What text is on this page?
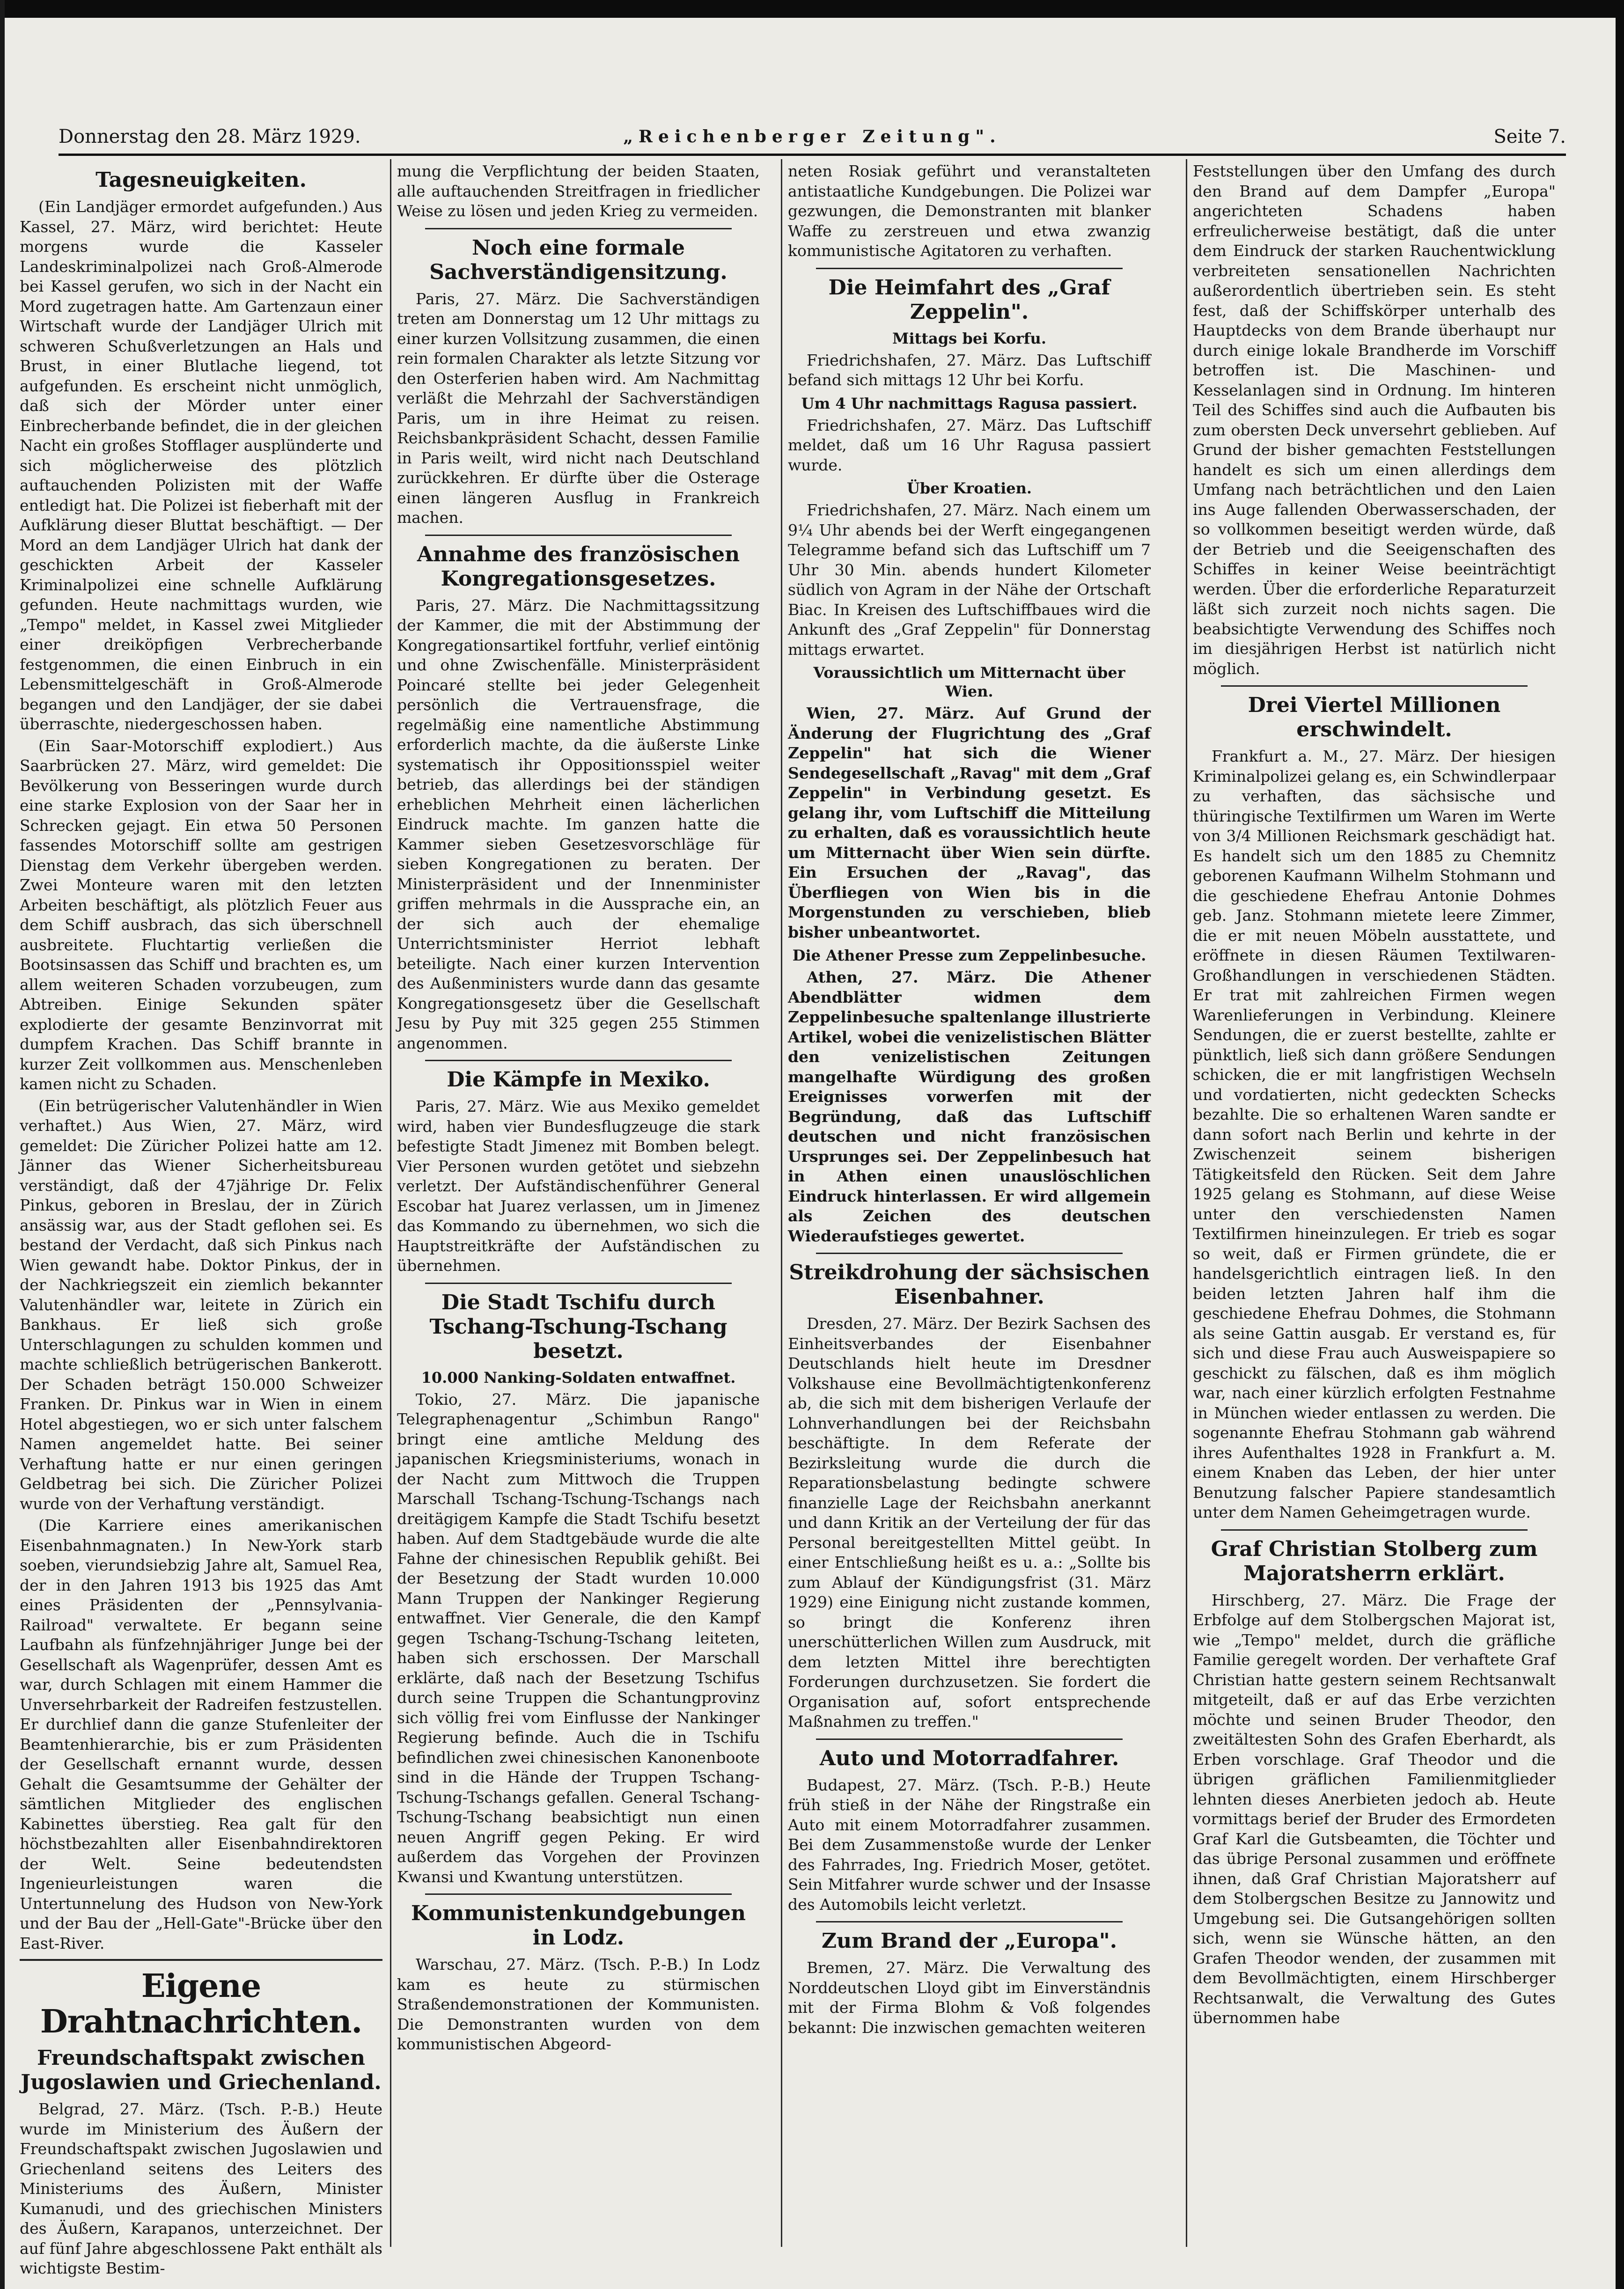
Donnerstag den 28. März 1929.	„Reichenberger Zeitung".	Seite 7.
Tagesneuigkeiten.

(Ein Landjäger ermordet aufgefunden.) Aus Kassel, 27. März, wird berichtet: Heute morgens wurde die Kasseler Landeskriminalpolizei nach Groß-Almerode bei Kassel gerufen, wo sich in der Nacht ein Mord zugetragen hatte. Am Gartenzaun einer Wirtschaft wurde der Landjäger Ulrich mit schweren Schußverletzungen an Hals und Brust, in einer Blutlache liegend, tot aufgefunden. Es erscheint nicht unmöglich, daß sich der Mörder unter einer Einbrecherbande befindet, die in der gleichen Nacht ein großes Stofflager ausplünderte und sich möglicherweise des plötzlich auftauchenden Polizisten mit der Waffe entledigt hat. Die Polizei ist fieberhaft mit der Aufklärung dieser Bluttat beschäftigt. — Der Mord an dem Landjäger Ulrich hat dank der geschickten Arbeit der Kasseler Kriminalpolizei eine schnelle Aufklärung gefunden. Heute nachmittags wurden, wie „Tempo" meldet, in Kassel zwei Mitglieder einer dreiköpfigen Verbrecherbande festgenommen, die einen Einbruch in ein Lebensmittelgeschäft in Groß-Almerode begangen und den Landjäger, der sie dabei überraschte, niedergeschossen haben.

(Ein Saar-Motorschiff explodiert.) Aus Saarbrücken 27. März, wird gemeldet: Die Bevölkerung von Besseringen wurde durch eine starke Explosion von der Saar her in Schrecken gejagt. Ein etwa 50 Personen fassendes Motorschiff sollte am gestrigen Dienstag dem Verkehr übergeben werden. Zwei Monteure waren mit den letzten Arbeiten beschäftigt, als plötzlich Feuer aus dem Schiff ausbrach, das sich überschnell ausbreitete. Fluchtartig verließen die Bootsinsassen das Schiff und brachten es, um allem weiteren Schaden vorzubeugen, zum Abtreiben. Einige Sekunden später explodierte der gesamte Benzinvorrat mit dumpfem Krachen. Das Schiff brannte in kurzer Zeit vollkommen aus. Menschenleben kamen nicht zu Schaden.

(Ein betrügerischer Valutenhändler in Wien verhaftet.) Aus Wien, 27. März, wird gemeldet: Die Züricher Polizei hatte am 12. Jänner das Wiener Sicherheitsbureau verständigt, daß der 47jährige Dr. Felix Pinkus, geboren in Breslau, der in Zürich ansässig war, aus der Stadt geflohen sei. Es bestand der Verdacht, daß sich Pinkus nach Wien gewandt habe. Doktor Pinkus, der in der Nachkriegszeit ein ziemlich bekannter Valutenhändler war, leitete in Zürich ein Bankhaus. Er ließ sich große Unterschlagungen zu schulden kommen und machte schließlich betrügerischen Bankerott. Der Schaden beträgt 150.000 Schweizer Franken. Dr. Pinkus war in Wien in einem Hotel abgestiegen, wo er sich unter falschem Namen angemeldet hatte. Bei seiner Verhaftung hatte er nur einen geringen Geldbetrag bei sich. Die Züricher Polizei wurde von der Verhaftung verständigt.

(Die Karriere eines amerikanischen Eisenbahnmagnaten.) In New-York starb soeben, vierundsiebzig Jahre alt, Samuel Rea, der in den Jahren 1913 bis 1925 das Amt eines Präsidenten der „Pennsylvania-Railroad" verwaltete. Er begann seine Laufbahn als fünfzehnjähriger Junge bei der Gesellschaft als Wagenprüfer, dessen Amt es war, durch Schlagen mit einem Hammer die Unversehrbarkeit der Radreifen festzustellen. Er durchlief dann die ganze Stufenleiter der Beamtenhierarchie, bis er zum Präsidenten der Gesellschaft ernannt wurde, dessen Gehalt die Gesamtsumme der Gehälter der sämtlichen Mitglieder des englischen Kabinettes überstieg. Rea galt für den höchstbezahlten aller Eisenbahndirektoren der Welt. Seine bedeutendsten Ingenieurleistungen waren die Untertunnelung des Hudson von New-York und der Bau der „Hell-Gate"-Brücke über den East-River.

Eigene Drahtnachrichten.
Freundschaftspakt zwischen Jugoslawien und Griechenland.

Belgrad, 27. März. (Tsch. P.-B.) Heute wurde im Ministerium des Äußern der Freundschaftspakt zwischen Jugoslawien und Griechenland seitens des Leiters des Ministeriums des Äußern, Minister Kumanudi, und des griechischen Ministers des Äußern, Karapanos, unterzeichnet. Der auf fünf Jahre abgeschlossene Pakt enthält als wichtigste Bestim-

mung die Verpflichtung der beiden Staaten, alle auftauchenden Streitfragen in friedlicher Weise zu lösen und jeden Krieg zu vermeiden.

Noch eine formale Sachverständigensitzung.

Paris, 27. März. Die Sachverständigen treten am Donnerstag um 12 Uhr mittags zu einer kurzen Vollsitzung zusammen, die einen rein formalen Charakter als letzte Sitzung vor den Osterferien haben wird. Am Nachmittag verläßt die Mehrzahl der Sachverständigen Paris, um in ihre Heimat zu reisen. Reichsbankpräsident Schacht, dessen Familie in Paris weilt, wird nicht nach Deutschland zurückkehren. Er dürfte über die Osterage einen längeren Ausflug in Frankreich machen.

Annahme des französischen Kongregationsgesetzes.

Paris, 27. März. Die Nachmittagssitzung der Kammer, die mit der Abstimmung der Kongregationsartikel fortfuhr, verlief eintönig und ohne Zwischenfälle. Ministerpräsident Poincaré stellte bei jeder Gelegenheit persönlich die Vertrauensfrage, die regelmäßig eine namentliche Abstimmung erforderlich machte, da die äußerste Linke systematisch ihr Oppositionsspiel weiter betrieb, das allerdings bei der ständigen erheblichen Mehrheit einen lächerlichen Eindruck machte. Im ganzen hatte die Kammer sieben Gesetzesvorschläge für sieben Kongregationen zu beraten. Der Ministerpräsident und der Innenminister griffen mehrmals in die Aussprache ein, an der sich auch der ehemalige Unterrichtsminister Herriot lebhaft beteiligte. Nach einer kurzen Intervention des Außenministers wurde dann das gesamte Kongregationsgesetz über die Gesellschaft Jesu by Puy mit 325 gegen 255 Stimmen angenommen.

Die Kämpfe in Mexiko.

Paris, 27. März. Wie aus Mexiko gemeldet wird, haben vier Bundesflugzeuge die stark befestigte Stadt Jimenez mit Bomben belegt. Vier Personen wurden getötet und siebzehn verletzt. Der Aufständischenführer General Escobar hat Juarez verlassen, um in Jimenez das Kommando zu übernehmen, wo sich die Hauptstreitkräfte der Aufständischen zu übernehmen.

Die Stadt Tschifu durch Tschang-Tschung-Tschang besetzt.
10.000 Nanking-Soldaten entwaffnet.

Tokio, 27. März. Die japanische Telegraphenagentur „Schimbun Rango" bringt eine amtliche Meldung des japanischen Kriegsministeriums, wonach in der Nacht zum Mittwoch die Truppen Marschall Tschang-Tschung-Tschangs nach dreitägigem Kampfe die Stadt Tschifu besetzt haben. Auf dem Stadtgebäude wurde die alte Fahne der chinesischen Republik gehißt. Bei der Besetzung der Stadt wurden 10.000 Mann Truppen der Nankinger Regierung entwaffnet. Vier Generale, die den Kampf gegen Tschang-Tschung-Tschang leiteten, haben sich erschossen. Der Marschall erklärte, daß nach der Besetzung Tschifus durch seine Truppen die Schantungprovinz sich völlig frei vom Einflusse der Nankinger Regierung befinde. Auch die in Tschifu befindlichen zwei chinesischen Kanonenboote sind in die Hände der Truppen Tschang-Tschung-Tschangs gefallen. General Tschang-Tschung-Tschang beabsichtigt nun einen neuen Angriff gegen Peking. Er wird außerdem das Vorgehen der Provinzen Kwansi und Kwantung unterstützen.

Kommunistenkundgebungen in Lodz.

Warschau, 27. März. (Tsch. P.-B.) In Lodz kam es heute zu stürmischen Straßendemonstrationen der Kommunisten. Die Demonstranten wurden von dem kommunistischen Abgeord-

neten Rosiak geführt und veranstalteten antistaatliche Kundgebungen. Die Polizei war gezwungen, die Demonstranten mit blanker Waffe zu zerstreuen und etwa zwanzig kommunistische Agitatoren zu verhaften.

Die Heimfahrt des „Graf Zeppelin".
Mittags bei Korfu.

Friedrichshafen, 27. März. Das Luftschiff befand sich mittags 12 Uhr bei Korfu.

Um 4 Uhr nachmittags Ragusa passiert.

Friedrichshafen, 27. März. Das Luftschiff meldet, daß um 16 Uhr Ragusa passiert wurde.

Über Kroatien.

Friedrichshafen, 27. März. Nach einem um 9¼ Uhr abends bei der Werft eingegangenen Telegramme befand sich das Luftschiff um 7 Uhr 30 Min. abends hundert Kilometer südlich von Agram in der Nähe der Ortschaft Biac. In Kreisen des Luftschiffbaues wird die Ankunft des „Graf Zeppelin" für Donnerstag mittags erwartet.

Voraussichtlich um Mitternacht über Wien.

Wien, 27. März. Auf Grund der Änderung der Flugrichtung des „Graf Zeppelin" hat sich die Wiener Sendegesellschaft „Ravag" mit dem „Graf Zeppelin" in Verbindung gesetzt. Es gelang ihr, vom Luftschiff die Mitteilung zu erhalten, daß es voraussichtlich heute um Mitternacht über Wien sein dürfte. Ein Ersuchen der „Ravag", das Überfliegen von Wien bis in die Morgenstunden zu verschieben, blieb bisher unbeantwortet.

Die Athener Presse zum Zeppelinbesuche.

Athen, 27. März. Die Athener Abendblätter widmen dem Zeppelinbesuche spaltenlange illustrierte Artikel, wobei die venizelistischen Blätter den venizelistischen Zeitungen mangelhafte Würdigung des großen Ereignisses vorwerfen mit der Begründung, daß das Luftschiff deutschen und nicht französischen Ursprunges sei. Der Zeppelinbesuch hat in Athen einen unauslöschlichen Eindruck hinterlassen. Er wird allgemein als Zeichen des deutschen Wiederaufstieges gewertet.

Streikdrohung der sächsischen Eisenbahner.

Dresden, 27. März. Der Bezirk Sachsen des Einheitsverbandes der Eisenbahner Deutschlands hielt heute im Dresdner Volkshause eine Bevollmächtigtenkonferenz ab, die sich mit dem bisherigen Verlaufe der Lohnverhandlungen bei der Reichsbahn beschäftigte. In dem Referate der Bezirksleitung wurde die durch die Reparationsbelastung bedingte schwere finanzielle Lage der Reichsbahn anerkannt und dann Kritik an der Verteilung der für das Personal bereitgestellten Mittel geübt. In einer Entschließung heißt es u. a.: „Sollte bis zum Ablauf der Kündigungsfrist (31. März 1929) eine Einigung nicht zustande kommen, so bringt die Konferenz ihren unerschütterlichen Willen zum Ausdruck, mit dem letzten Mittel ihre berechtigten Forderungen durchzusetzen. Sie fordert die Organisation auf, sofort entsprechende Maßnahmen zu treffen."

Auto und Motorradfahrer.

Budapest, 27. März. (Tsch. P.-B.) Heute früh stieß in der Nähe der Ringstraße ein Auto mit einem Motorradfahrer zusammen. Bei dem Zusammenstoße wurde der Lenker des Fahrrades, Ing. Friedrich Moser, getötet. Sein Mitfahrer wurde schwer und der Insasse des Automobils leicht verletzt.

Zum Brand der „Europa".

Bremen, 27. März. Die Verwaltung des Norddeutschen Lloyd gibt im Einverständnis mit der Firma Blohm & Voß folgendes bekannt: Die inzwischen gemachten weiteren

Feststellungen über den Umfang des durch den Brand auf dem Dampfer „Europa" angerichteten Schadens haben erfreulicherweise bestätigt, daß die unter dem Eindruck der starken Rauchentwicklung verbreiteten sensationellen Nachrichten außerordentlich übertrieben sein. Es steht fest, daß der Schiffskörper unterhalb des Hauptdecks von dem Brande überhaupt nur durch einige lokale Brandherde im Vorschiff betroffen ist. Die Maschinen- und Kesselanlagen sind in Ordnung. Im hinteren Teil des Schiffes sind auch die Aufbauten bis zum obersten Deck unversehrt geblieben. Auf Grund der bisher gemachten Feststellungen handelt es sich um einen allerdings dem Umfang nach beträchtlichen und den Laien ins Auge fallenden Oberwasserschaden, der so vollkommen beseitigt werden würde, daß der Betrieb und die Seeigenschaften des Schiffes in keiner Weise beeinträchtigt werden. Über die erforderliche Reparaturzeit läßt sich zurzeit noch nichts sagen. Die beabsichtigte Verwendung des Schiffes noch im diesjährigen Herbst ist natürlich nicht möglich.

Drei Viertel Millionen erschwindelt.

Frankfurt a. M., 27. März. Der hiesigen Kriminalpolizei gelang es, ein Schwindlerpaar zu verhaften, das sächsische und thüringische Textilfirmen um Waren im Werte von 3/4 Millionen Reichsmark geschädigt hat. Es handelt sich um den 1885 zu Chemnitz geborenen Kaufmann Wilhelm Stohmann und die geschiedene Ehefrau Antonie Dohmes geb. Janz. Stohmann mietete leere Zimmer, die er mit neuen Möbeln ausstattete, und eröffnete in diesen Räumen Textilwaren-Großhandlungen in verschiedenen Städten. Er trat mit zahlreichen Firmen wegen Warenlieferungen in Verbindung. Kleinere Sendungen, die er zuerst bestellte, zahlte er pünktlich, ließ sich dann größere Sendungen schicken, die er mit langfristigen Wechseln und vordatierten, nicht gedeckten Schecks bezahlte. Die so erhaltenen Waren sandte er dann sofort nach Berlin und kehrte in der Zwischenzeit seinem bisherigen Tätigkeitsfeld den Rücken. Seit dem Jahre 1925 gelang es Stohmann, auf diese Weise unter den verschiedensten Namen Textilfirmen hineinzulegen. Er trieb es sogar so weit, daß er Firmen gründete, die er handelsgerichtlich eintragen ließ. In den beiden letzten Jahren half ihm die geschiedene Ehefrau Dohmes, die Stohmann als seine Gattin ausgab. Er verstand es, für sich und diese Frau auch Ausweispapiere so geschickt zu fälschen, daß es ihm möglich war, nach einer kürzlich erfolgten Festnahme in München wieder entlassen zu werden. Die sogenannte Ehefrau Stohmann gab während ihres Aufenthaltes 1928 in Frankfurt a. M. einem Knaben das Leben, der hier unter Benutzung falscher Papiere standesamtlich unter dem Namen Geheimgetragen wurde.

Graf Christian Stolberg zum Majoratsherrn erklärt.

Hirschberg, 27. März. Die Frage der Erbfolge auf dem Stolbergschen Majorat ist, wie „Tempo" meldet, durch die gräfliche Familie geregelt worden. Der verhaftete Graf Christian hatte gestern seinem Rechtsanwalt mitgeteilt, daß er auf das Erbe verzichten möchte und seinen Bruder Theodor, den zweitältesten Sohn des Grafen Eberhardt, als Erben vorschlage. Graf Theodor und die übrigen gräflichen Familienmitglieder lehnten dieses Anerbieten jedoch ab. Heute vormittags berief der Bruder des Ermordeten Graf Karl die Gutsbeamten, die Töchter und das übrige Personal zusammen und eröffnete ihnen, daß Graf Christian Majoratsherr auf dem Stolbergschen Besitze zu Jannowitz und Umgebung sei. Die Gutsangehörigen sollten sich, wenn sie Wünsche hätten, an den Grafen Theodor wenden, der zusammen mit dem Bevollmächtigten, einem Hirschberger Rechtsanwalt, die Verwaltung des Gutes übernommen habe
